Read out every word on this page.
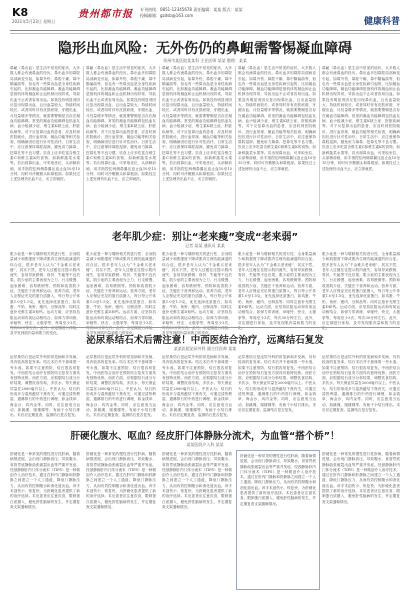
K8
2021年5月23日 星期日
贵州都市报 专刊热线：0851-12345678 责任编辑：某某 版式：某某
投稿邮箱：gzdsb@163.com
健康科普
隐形出血风险：无外伤仍的鼻衄需警惕凝血障碍
贵州市某医院某某科 主任医师 某某 整理：某某
鼻衄（鼻出血）是生活中常见的症状，大多数人都会有流鼻血的经历。鼻出血多因鼻腔局部病变引起，如鼻外伤、鼻腔干燥、鼻中隔偏曲等，但也有一些鼻出血是全身性疾病引起的，比如凝血功能障碍。凝血功能障碍是指机体的凝血和止血机制出现异常，导致出血不止或者容易出血。如果没有明显诱因反复出现鼻出血，且出血量较大、持续时间较长，或者同时伴有皮肤瘀斑、牙龈出血、月经量增多等情况，就需要警惕是否存在凝血功能障碍。常见的凝血功能障碍包括血友病、血小板减少症、维生素K缺乏症、肝脏疾病等。对于反复鼻出血的患者，应及时到医院就诊，进行血常规、凝血功能等相关检查，明确病因后进行针对性治疗。日常生活中，应注意保持鼻腔湿润，避免用力擤鼻、挖鼻孔等不良习惯。饮食上应多吃富含维生素C和维生素K的食物，如新鲜蔬菜水果等。若出现鼻出血，可采取坐位，头部稍前倾，用手指捏住两侧鼻翼压迫止血10至15分钟，同时可冷敷额头和鼻根部。如果经过上述处理仍出血不止，应立即就医。
鼻衄（鼻出血）是生活中常见的症状，大多数人都会有流鼻血的经历。鼻出血多因鼻腔局部病变引起，如鼻外伤、鼻腔干燥、鼻中隔偏曲等，但也有一些鼻出血是全身性疾病引起的，比如凝血功能障碍。凝血功能障碍是指机体的凝血和止血机制出现异常，导致出血不止或者容易出血。如果没有明显诱因反复出现鼻出血，且出血量较大、持续时间较长，或者同时伴有皮肤瘀斑、牙龈出血、月经量增多等情况，就需要警惕是否存在凝血功能障碍。常见的凝血功能障碍包括血友病、血小板减少症、维生素K缺乏症、肝脏疾病等。对于反复鼻出血的患者，应及时到医院就诊，进行血常规、凝血功能等相关检查，明确病因后进行针对性治疗。日常生活中，应注意保持鼻腔湿润，避免用力擤鼻、挖鼻孔等不良习惯。饮食上应多吃富含维生素C和维生素K的食物，如新鲜蔬菜水果等。若出现鼻出血，可采取坐位，头部稍前倾，用手指捏住两侧鼻翼压迫止血10至15分钟，同时可冷敷额头和鼻根部。如果经过上述处理仍出血不止，应立即就医。
鼻衄（鼻出血）是生活中常见的症状，大多数人都会有流鼻血的经历。鼻出血多因鼻腔局部病变引起，如鼻外伤、鼻腔干燥、鼻中隔偏曲等，但也有一些鼻出血是全身性疾病引起的，比如凝血功能障碍。凝血功能障碍是指机体的凝血和止血机制出现异常，导致出血不止或者容易出血。如果没有明显诱因反复出现鼻出血，且出血量较大、持续时间较长，或者同时伴有皮肤瘀斑、牙龈出血、月经量增多等情况，就需要警惕是否存在凝血功能障碍。常见的凝血功能障碍包括血友病、血小板减少症、维生素K缺乏症、肝脏疾病等。对于反复鼻出血的患者，应及时到医院就诊，进行血常规、凝血功能等相关检查，明确病因后进行针对性治疗。日常生活中，应注意保持鼻腔湿润，避免用力擤鼻、挖鼻孔等不良习惯。饮食上应多吃富含维生素C和维生素K的食物，如新鲜蔬菜水果等。若出现鼻出血，可采取坐位，头部稍前倾，用手指捏住两侧鼻翼压迫止血10至15分钟，同时可冷敷额头和鼻根部。如果经过上述处理仍出血不止，应立即就医。
鼻衄（鼻出血）是生活中常见的症状，大多数人都会有流鼻血的经历。鼻出血多因鼻腔局部病变引起，如鼻外伤、鼻腔干燥、鼻中隔偏曲等，但也有一些鼻出血是全身性疾病引起的，比如凝血功能障碍。凝血功能障碍是指机体的凝血和止血机制出现异常，导致出血不止或者容易出血。如果没有明显诱因反复出现鼻出血，且出血量较大、持续时间较长，或者同时伴有皮肤瘀斑、牙龈出血、月经量增多等情况，就需要警惕是否存在凝血功能障碍。常见的凝血功能障碍包括血友病、血小板减少症、维生素K缺乏症、肝脏疾病等。对于反复鼻出血的患者，应及时到医院就诊，进行血常规、凝血功能等相关检查，明确病因后进行针对性治疗。日常生活中，应注意保持鼻腔湿润，避免用力擤鼻、挖鼻孔等不良习惯。饮食上应多吃富含维生素C和维生素K的食物，如新鲜蔬菜水果等。若出现鼻出血，可采取坐位，头部稍前倾，用手指捏住两侧鼻翼压迫止血10至15分钟，同时可冷敷额头和鼻根部。如果经过上述处理仍出血不止，应立即就医。
鼻衄（鼻出血）是生活中常见的症状，大多数人都会有流鼻血的经历。鼻出血多因鼻腔局部病变引起，如鼻外伤、鼻腔干燥、鼻中隔偏曲等，但也有一些鼻出血是全身性疾病引起的，比如凝血功能障碍。凝血功能障碍是指机体的凝血和止血机制出现异常，导致出血不止或者容易出血。如果没有明显诱因反复出现鼻出血，且出血量较大、持续时间较长，或者同时伴有皮肤瘀斑、牙龈出血、月经量增多等情况，就需要警惕是否存在凝血功能障碍。常见的凝血功能障碍包括血友病、血小板减少症、维生素K缺乏症、肝脏疾病等。对于反复鼻出血的患者，应及时到医院就诊，进行血常规、凝血功能等相关检查，明确病因后进行针对性治疗。日常生活中，应注意保持鼻腔湿润，避免用力擤鼻、挖鼻孔等不良习惯。饮食上应多吃富含维生素C和维生素K的食物，如新鲜蔬菜水果等。若出现鼻出血，可采取坐位，头部稍前倾，用手指捏住两侧鼻翼压迫止血10至15分钟，同时可冷敷额头和鼻根部。如果经过上述处理仍出血不止，应立即就医。
老年肌少症：别让“老来瘦”变成“老来弱”
记者 某某 通讯员 某某
肌少症是一种与增龄相关的进行性、全身肌量减少和肌强度下降或肌肉生理功能减退的综合征。很多老年人认为“千金难买老来瘦”，其实不然，老年人过瘦往往提示肌肉流失，容易导致跌倒、骨折、失能等不良后果。肌少症的主要表现为乏力、行走缓慢、起坐困难、容易跌倒等。预防和改善肌少症，关键在于营养和运动。营养方面，老年人应保证充足的蛋白质摄入，每日每公斤体重1.0至1.5克，优先选择优质蛋白，如鸡蛋、牛奶、鱼虾、瘦肉、豆制品等；同时注意补充维生素D和钙。运动方面，应坚持抗阻运动和有氧运动相结合，如弹力带训练、举哑铃、快走、太极拳等，每周至少3次，每次30分钟左右。此外，应定期进行体检，及早发现肌肉量和肌力的变化。
肌少症是一种与增龄相关的进行性、全身肌量减少和肌强度下降或肌肉生理功能减退的综合征。很多老年人认为“千金难买老来瘦”，其实不然，老年人过瘦往往提示肌肉流失，容易导致跌倒、骨折、失能等不良后果。肌少症的主要表现为乏力、行走缓慢、起坐困难、容易跌倒等。预防和改善肌少症，关键在于营养和运动。营养方面，老年人应保证充足的蛋白质摄入，每日每公斤体重1.0至1.5克，优先选择优质蛋白，如鸡蛋、牛奶、鱼虾、瘦肉、豆制品等；同时注意补充维生素D和钙。运动方面，应坚持抗阻运动和有氧运动相结合，如弹力带训练、举哑铃、快走、太极拳等，每周至少3次，每次30分钟左右。此外，应定期进行体检，及早发现肌肉量和肌力的变化。
肌少症是一种与增龄相关的进行性、全身肌量减少和肌强度下降或肌肉生理功能减退的综合征。很多老年人认为“千金难买老来瘦”，其实不然，老年人过瘦往往提示肌肉流失，容易导致跌倒、骨折、失能等不良后果。肌少症的主要表现为乏力、行走缓慢、起坐困难、容易跌倒等。预防和改善肌少症，关键在于营养和运动。营养方面，老年人应保证充足的蛋白质摄入，每日每公斤体重1.0至1.5克，优先选择优质蛋白，如鸡蛋、牛奶、鱼虾、瘦肉、豆制品等；同时注意补充维生素D和钙。运动方面，应坚持抗阻运动和有氧运动相结合，如弹力带训练、举哑铃、快走、太极拳等，每周至少3次，每次30分钟左右。此外，应定期进行体检，及早发现肌肉量和肌力的变化。
肌少症是一种与增龄相关的进行性、全身肌量减少和肌强度下降或肌肉生理功能减退的综合征。很多老年人认为“千金难买老来瘦”，其实不然，老年人过瘦往往提示肌肉流失，容易导致跌倒、骨折、失能等不良后果。肌少症的主要表现为乏力、行走缓慢、起坐困难、容易跌倒等。预防和改善肌少症，关键在于营养和运动。营养方面，老年人应保证充足的蛋白质摄入，每日每公斤体重1.0至1.5克，优先选择优质蛋白，如鸡蛋、牛奶、鱼虾、瘦肉、豆制品等；同时注意补充维生素D和钙。运动方面，应坚持抗阻运动和有氧运动相结合，如弹力带训练、举哑铃、快走、太极拳等，每周至少3次，每次30分钟左右。此外，应定期进行体检，及早发现肌肉量和肌力的变化。
肌少症是一种与增龄相关的进行性、全身肌量减少和肌强度下降或肌肉生理功能减退的综合征。很多老年人认为“千金难买老来瘦”，其实不然，老年人过瘦往往提示肌肉流失，容易导致跌倒、骨折、失能等不良后果。肌少症的主要表现为乏力、行走缓慢、起坐困难、容易跌倒等。预防和改善肌少症，关键在于营养和运动。营养方面，老年人应保证充足的蛋白质摄入，每日每公斤体重1.0至1.5克，优先选择优质蛋白，如鸡蛋、牛奶、鱼虾、瘦肉、豆制品等；同时注意补充维生素D和钙。运动方面，应坚持抗阻运动和有氧运动相结合，如弹力带训练、举哑铃、快走、太极拳等，每周至少3次，每次30分钟左右。此外，应定期进行体检，及早发现肌肉量和肌力的变化。
泌尿系结石术后需注意！中西医结合治疗，远离结石复发
某某医院泌尿外科 副主任医师 某某
泌尿系结石是泌尿外科的常见病和多发病，具有较高的复发率。结石术后并不意味着一劳永逸，如果不注意预防，结石很容易复发。中西医结合治疗在预防结石复发方面具有独特优势。西医方面，应根据结石成分分析结果，调整饮食结构，多饮水，每天保证尿量在2000毫升以上。中医认为，结石的形成多与湿热蕴结下焦有关，可通过清热利湿、通淋排石的中药进行调理，如金钱草、海金沙、鸡内金等。同时，应注意适当运动，如跳绳、爬楼梯等，有助于小结石排出。术后应定期复查，监测结石是否复发。
泌尿系结石是泌尿外科的常见病和多发病，具有较高的复发率。结石术后并不意味着一劳永逸，如果不注意预防，结石很容易复发。中西医结合治疗在预防结石复发方面具有独特优势。西医方面，应根据结石成分分析结果，调整饮食结构，多饮水，每天保证尿量在2000毫升以上。中医认为，结石的形成多与湿热蕴结下焦有关，可通过清热利湿、通淋排石的中药进行调理，如金钱草、海金沙、鸡内金等。同时，应注意适当运动，如跳绳、爬楼梯等，有助于小结石排出。术后应定期复查，监测结石是否复发。
泌尿系结石是泌尿外科的常见病和多发病，具有较高的复发率。结石术后并不意味着一劳永逸，如果不注意预防，结石很容易复发。中西医结合治疗在预防结石复发方面具有独特优势。西医方面，应根据结石成分分析结果，调整饮食结构，多饮水，每天保证尿量在2000毫升以上。中医认为，结石的形成多与湿热蕴结下焦有关，可通过清热利湿、通淋排石的中药进行调理，如金钱草、海金沙、鸡内金等。同时，应注意适当运动，如跳绳、爬楼梯等，有助于小结石排出。术后应定期复查，监测结石是否复发。
泌尿系结石是泌尿外科的常见病和多发病，具有较高的复发率。结石术后并不意味着一劳永逸，如果不注意预防，结石很容易复发。中西医结合治疗在预防结石复发方面具有独特优势。西医方面，应根据结石成分分析结果，调整饮食结构，多饮水，每天保证尿量在2000毫升以上。中医认为，结石的形成多与湿热蕴结下焦有关，可通过清热利湿、通淋排石的中药进行调理，如金钱草、海金沙、鸡内金等。同时，应注意适当运动，如跳绳、爬楼梯等，有助于小结石排出。术后应定期复查，监测结石是否复发。
泌尿系结石是泌尿外科的常见病和多发病，具有较高的复发率。结石术后并不意味着一劳永逸，如果不注意预防，结石很容易复发。中西医结合治疗在预防结石复发方面具有独特优势。西医方面，应根据结石成分分析结果，调整饮食结构，多饮水，每天保证尿量在2000毫升以上。中医认为，结石的形成多与湿热蕴结下焦有关，可通过清热利湿、通淋排石的中药进行调理，如金钱草、海金沙、鸡内金等。同时，应注意适当运动，如跳绳、爬楼梯等，有助于小结石排出。术后应定期复查，监测结石是否复发。
肝硬化腹水、呕血？经皮肝门体静脉分流术，为血管“搭个桥”！
某某医院介入科 某某
肝硬化是一种常见的慢性进行性肝病，随着病情进展，会出现门静脉高压，导致腹水、食管胃底静脉曲张破裂出血等严重并发症。经颈静脉肝内门体分流术（TIPS）是一种微创介入治疗技术，通过在肝内门静脉和肝静脉之间建立一个人工通道，降低门静脉压力，从而有效控制腹水和消化道出血。该手术创伤小、恢复快，为肝硬化患者提供了新的治疗选择。术后患者应注意饮食，限制蛋白质摄入，避免肝性脑病的发生，并定期复查支架通畅情况。
肝硬化是一种常见的慢性进行性肝病，随着病情进展，会出现门静脉高压，导致腹水、食管胃底静脉曲张破裂出血等严重并发症。经颈静脉肝内门体分流术（TIPS）是一种微创介入治疗技术，通过在肝内门静脉和肝静脉之间建立一个人工通道，降低门静脉压力，从而有效控制腹水和消化道出血。该手术创伤小、恢复快，为肝硬化患者提供了新的治疗选择。术后患者应注意饮食，限制蛋白质摄入，避免肝性脑病的发生，并定期复查支架通畅情况。
肝硬化是一种常见的慢性进行性肝病，随着病情进展，会出现门静脉高压，导致腹水、食管胃底静脉曲张破裂出血等严重并发症。经颈静脉肝内门体分流术（TIPS）是一种微创介入治疗技术，通过在肝内门静脉和肝静脉之间建立一个人工通道，降低门静脉压力，从而有效控制腹水和消化道出血。该手术创伤小、恢复快，为肝硬化患者提供了新的治疗选择。术后患者应注意饮食，限制蛋白质摄入，避免肝性脑病的发生，并定期复查支架通畅情况。
肝硬化是一种常见的慢性进行性肝病，随着病情进展，会出现门静脉高压，导致腹水、食管胃底静脉曲张破裂出血等严重并发症。经颈静脉肝内门体分流术（TIPS）是一种微创介入治疗技术，通过在肝内门静脉和肝静脉之间建立一个人工通道，降低门静脉压力，从而有效控制腹水和消化道出血。该手术创伤小、恢复快，为肝硬化患者提供了新的治疗选择。术后患者应注意饮食，限制蛋白质摄入，避免肝性脑病的发生，并定期复查支架通畅情况。
肝硬化是一种常见的慢性进行性肝病，随着病情进展，会出现门静脉高压，导致腹水、食管胃底静脉曲张破裂出血等严重并发症。经颈静脉肝内门体分流术（TIPS）是一种微创介入治疗技术，通过在肝内门静脉和肝静脉之间建立一个人工通道，降低门静脉压力，从而有效控制腹水和消化道出血。该手术创伤小、恢复快，为肝硬化患者提供了新的治疗选择。术后患者应注意饮食，限制蛋白质摄入，避免肝性脑病的发生，并定期复查支架通畅情况。
